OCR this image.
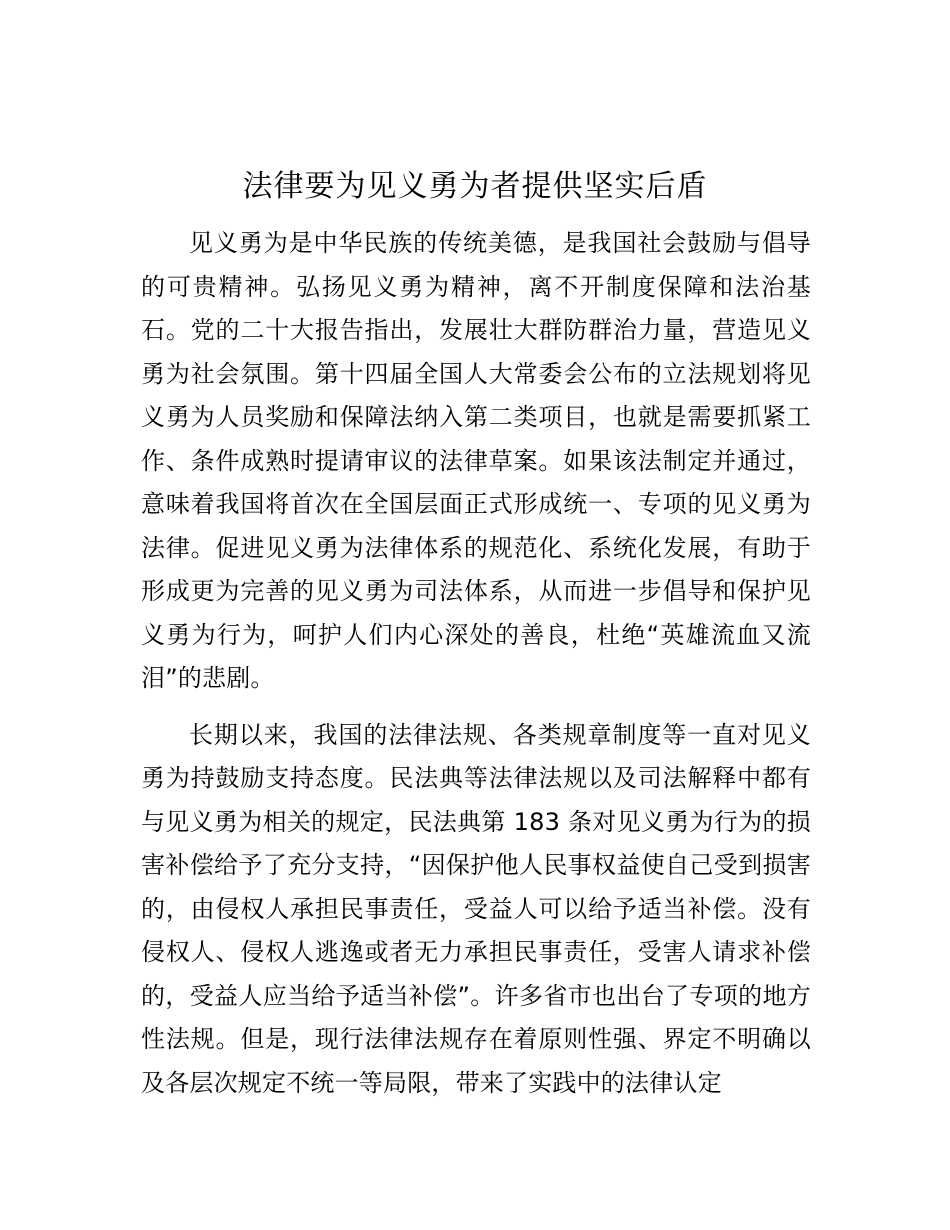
法律要为见义勇为者提供坚实后盾

见义勇为是中华民族的传统美德，是我国社会鼓励与倡导的可贵精神。弘扬见义勇为精神，离不开制度保障和法治基石。党的二十大报告指出，发展壮大群防群治力量，营造见义勇为社会氛围。第十四届全国人大常委会公布的立法规划将见义勇为人员奖励和保障法纳入第二类项目，也就是需要抓紧工作、条件成熟时提请审议的法律草案。如果该法制定并通过，意味着我国将首次在全国层面正式形成统一、专项的见义勇为法律。促进见义勇为法律体系的规范化、系统化发展，有助于形成更为完善的见义勇为司法体系，从而进一步倡导和保护见义勇为行为，呵护人们内心深处的善良，杜绝“英雄流血又流泪”的悲剧。

长期以来，我国的法律法规、各类规章制度等一直对见义勇为持鼓励支持态度。民法典等法律法规以及司法解释中都有与见义勇为相关的规定，民法典第 183 条对见义勇为行为的损害补偿给予了充分支持，“因保护他人民事权益使自己受到损害的，由侵权人承担民事责任，受益人可以给予适当补偿。没有侵权人、侵权人逃逸或者无力承担民事责任，受害人请求补偿的，受益人应当给予适当补偿”。许多省市也出台了专项的地方性法规。但是，现行法律法规存在着原则性强、界定不明确以及各层次规定不统一等局限，带来了实践中的法律认定
